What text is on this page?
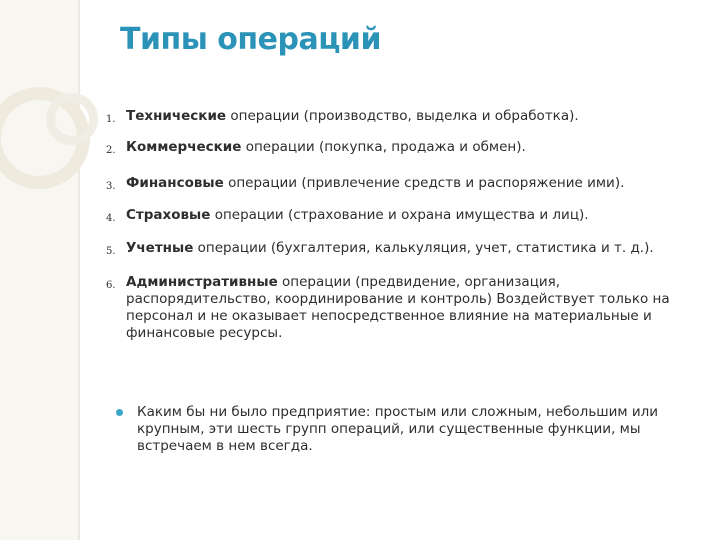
Типы операций
1. Технические операции (производство, выделка и обработка).
2. Коммерческие операции (покупка, продажа и обмен).
3. Финансовые операции (привлечение средств и распоряжение ими).
4. Страховые операции (страхование и охрана имущества и лиц).
5. Учетные операции (бухгалтерия, калькуляция, учет, статистика и т. д.).
6. Административные операции (предвидение, организация, распорядительство, координирование и контроль) Воздействует только на персонал и не оказывает непосредственное влияние на материальные и финансовые ресурсы.
Каким бы ни было предприятие: простым или сложным, небольшим или крупным, эти шесть групп операций, или существенные функции, мы встречаем в нем всегда.
